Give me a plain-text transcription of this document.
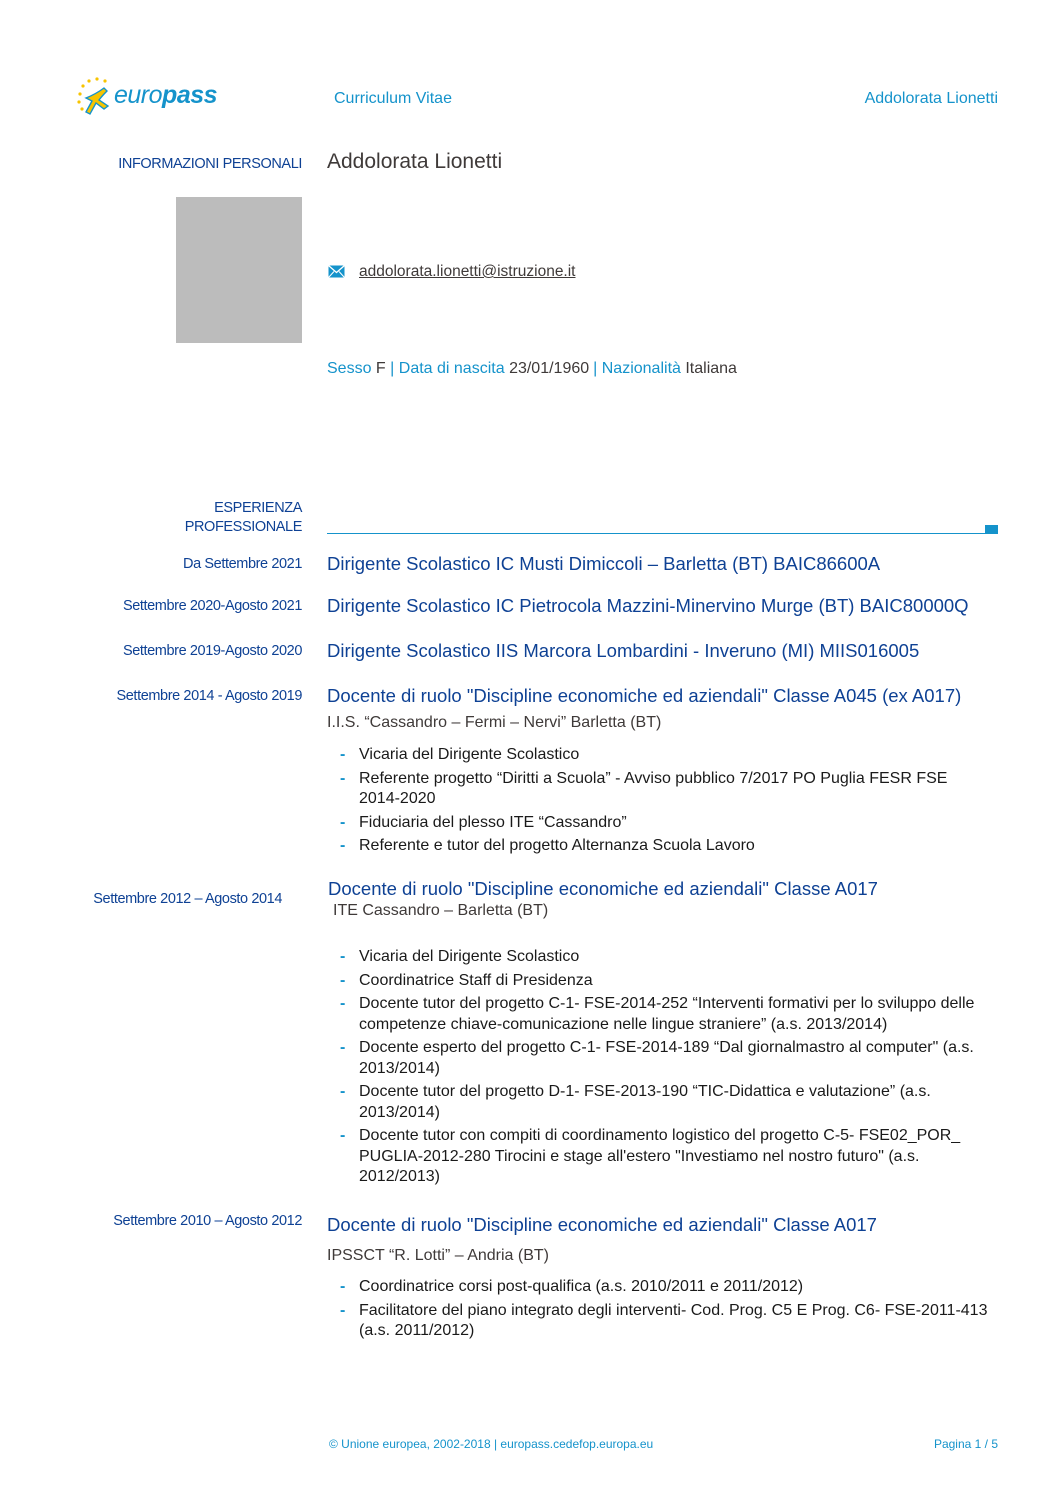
europass	Curriculum Vitae	Addolorata Lionetti
INFORMAZIONI PERSONALI Addolorata Lionetti
addolorata.lionetti@istruzione.it
Sesso F | Data di nascita 23/01/1960 | Nazionalità Italiana
ESPERIENZA
PROFESSIONALE
Da Settembre 2021 Dirigente Scolastico IC Musti Dimiccoli – Barletta (BT) BAIC86600A
Settembre 2020-Agosto 2021 Dirigente Scolastico IC Pietrocola Mazzini-Minervino Murge (BT) BAIC80000Q
Settembre 2019-Agosto 2020 Dirigente Scolastico IIS Marcora Lombardini - Inveruno (MI) MIIS016005
Settembre 2014 - Agosto 2019 Docente di ruolo "Discipline economiche ed aziendali" Classe A045 (ex A017)
I.I.S. “Cassandro – Fermi – Nervi” Barletta (BT)
- Vicaria del Dirigente Scolastico
- Referente progetto “Diritti a Scuola” - Avviso pubblico 7/2017 PO Puglia FESR FSE 2014-2020
- Fiduciaria del plesso ITE “Cassandro”
- Referente e tutor del progetto Alternanza Scuola Lavoro
Settembre 2012 – Agosto 2014 Docente di ruolo "Discipline economiche ed aziendali" Classe A017
ITE Cassandro – Barletta (BT)
- Vicaria del Dirigente Scolastico
- Coordinatrice Staff di Presidenza
- Docente tutor del progetto C-1- FSE-2014-252 “Interventi formativi per lo sviluppo delle competenze chiave-comunicazione nelle lingue straniere” (a.s. 2013/2014)
- Docente esperto del progetto C-1- FSE-2014-189 “Dal giornalmastro al computer" (a.s. 2013/2014)
- Docente tutor del progetto D-1- FSE-2013-190 “TIC-Didattica e valutazione” (a.s. 2013/2014)
- Docente tutor con compiti di coordinamento logistico del progetto C-5- FSE02_POR_ PUGLIA-2012-280 Tirocini e stage all'estero "Investiamo nel nostro futuro" (a.s. 2012/2013)
Settembre 2010 – Agosto 2012 Docente di ruolo "Discipline economiche ed aziendali" Classe A017
IPSSCT “R. Lotti” – Andria (BT)
- Coordinatrice corsi post-qualifica (a.s. 2010/2011 e 2011/2012)
- Facilitatore del piano integrato degli interventi- Cod. Prog. C5 E Prog. C6- FSE-2011-413 (a.s. 2011/2012)
© Unione europea, 2002-2018 | europass.cedefop.europa.eu	Pagina 1 / 5
